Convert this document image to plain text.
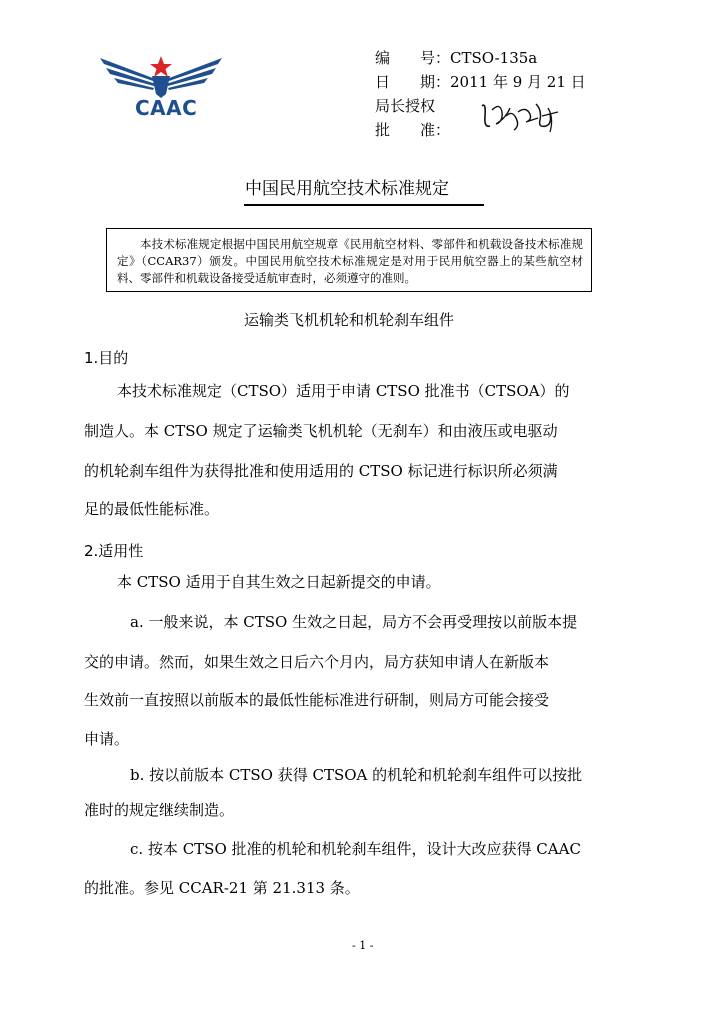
CAAC
编　　号： CTSO-135a
日　　期： 2011 年 9 月 21 日
局长授权
批　　准：
中国民用航空技术标准规定
本技术标准规定根据中国民用航空规章《民用航空材料、零部件和机载设备技术标准规定》（CCAR37）颁发。中国民用航空技术标准规定是对用于民用航空器上的某些航空材料、零部件和机载设备接受适航审查时，必须遵守的准则。
运输类飞机机轮和机轮刹车组件
1.目的
本技术标准规定（CTSO）适用于申请 CTSO 批准书（CTSOA）的
制造人。本 CTSO 规定了运输类飞机机轮（无刹车）和由液压或电驱动
的机轮刹车组件为获得批准和使用适用的 CTSO 标记进行标识所必须满
足的最低性能标准。
2.适用性
本 CTSO 适用于自其生效之日起新提交的申请。
a. 一般来说，本 CTSO 生效之日起，局方不会再受理按以前版本提
交的申请。然而，如果生效之日后六个月内，局方获知申请人在新版本
生效前一直按照以前版本的最低性能标准进行研制，则局方可能会接受
申请。
b. 按以前版本 CTSO 获得 CTSOA 的机轮和机轮刹车组件可以按批
准时的规定继续制造。
c. 按本 CTSO 批准的机轮和机轮刹车组件，设计大改应获得 CAAC
的批准。参见 CCAR-21 第 21.313 条。
- 1 -
